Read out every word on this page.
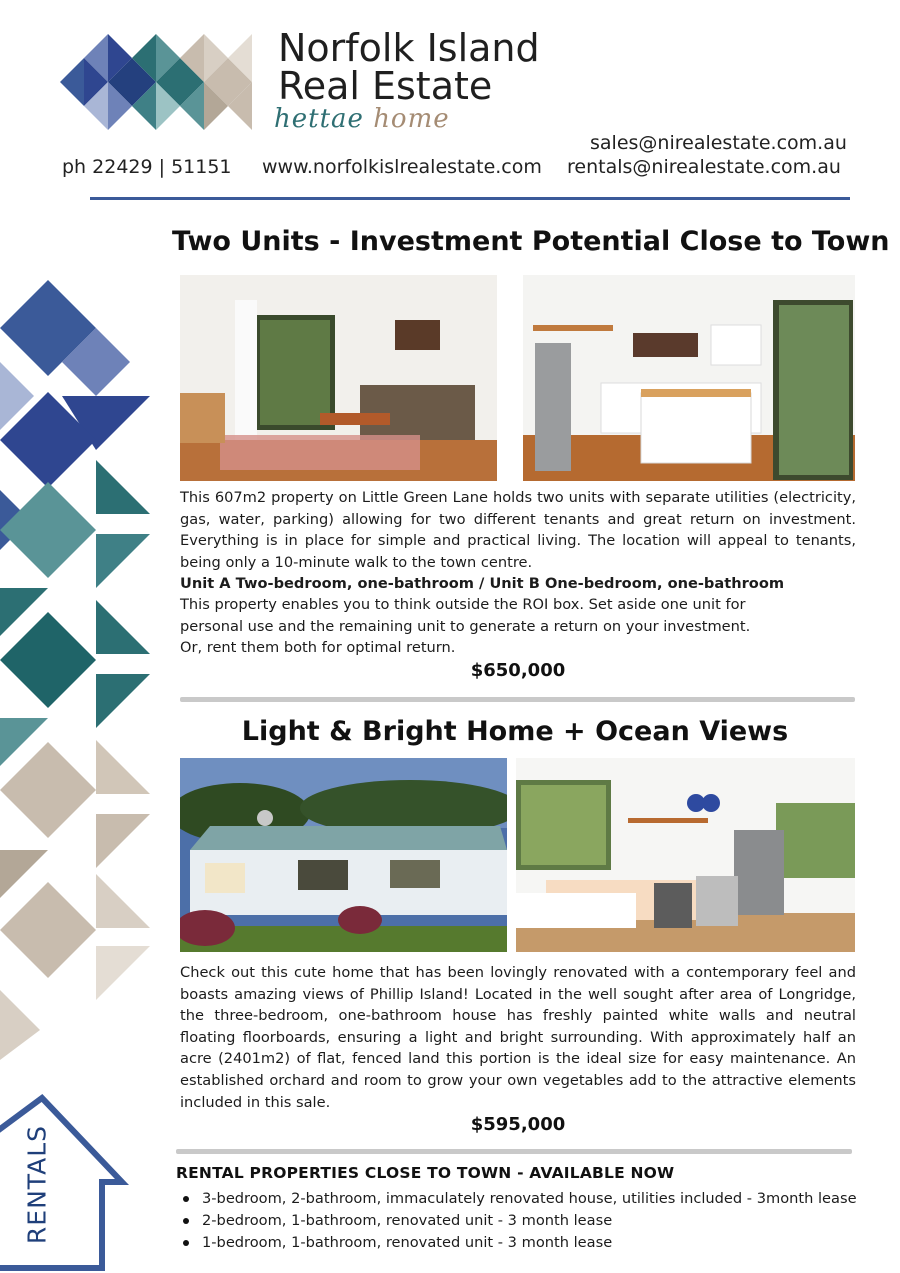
Norfolk Island
Real Estate
hettae home
ph 22429 | 51151 www.norfolkislrealestate.com
sales@nirealestate.com.au
rentals@nirealestate.com.au
Two Units - Investment Potential Close to Town
This 607m2 property on Little Green Lane holds two units with separate utilities (electricity, gas, water, parking) allowing for two different tenants and great return on investment. Everything is in place for simple and practical living. The location will appeal to tenants, being only a 10-minute walk to the town centre.
Unit A Two-bedroom, one-bathroom / Unit B One-bedroom, one-bathroom
This property enables you to think outside the ROI box. Set aside one unit for
personal use and the remaining unit to generate a return on your investment.
Or, rent them both for optimal return.
$650,000
Light & Bright Home + Ocean Views
Check out this cute home that has been lovingly renovated with a contemporary feel and boasts amazing views of Phillip Island! Located in the well sought after area of Longridge, the three-bedroom, one-bathroom house has freshly painted white walls and neutral floating floorboards, ensuring a light and bright surrounding. With approximately half an acre (2401m2) of flat, fenced land this portion is the ideal size for easy maintenance. An established orchard and room to grow your own vegetables add to the attractive elements included in this sale.
$595,000
RENTALS	RENTAL PROPERTIES CLOSE TO TOWN - AVAILABLE NOW
3-bedroom, 2-bathroom, immaculately renovated house, utilities included - 3month lease
2-bedroom, 1-bathroom, renovated unit - 3 month lease
1-bedroom, 1-bathroom, renovated unit - 3 month lease
